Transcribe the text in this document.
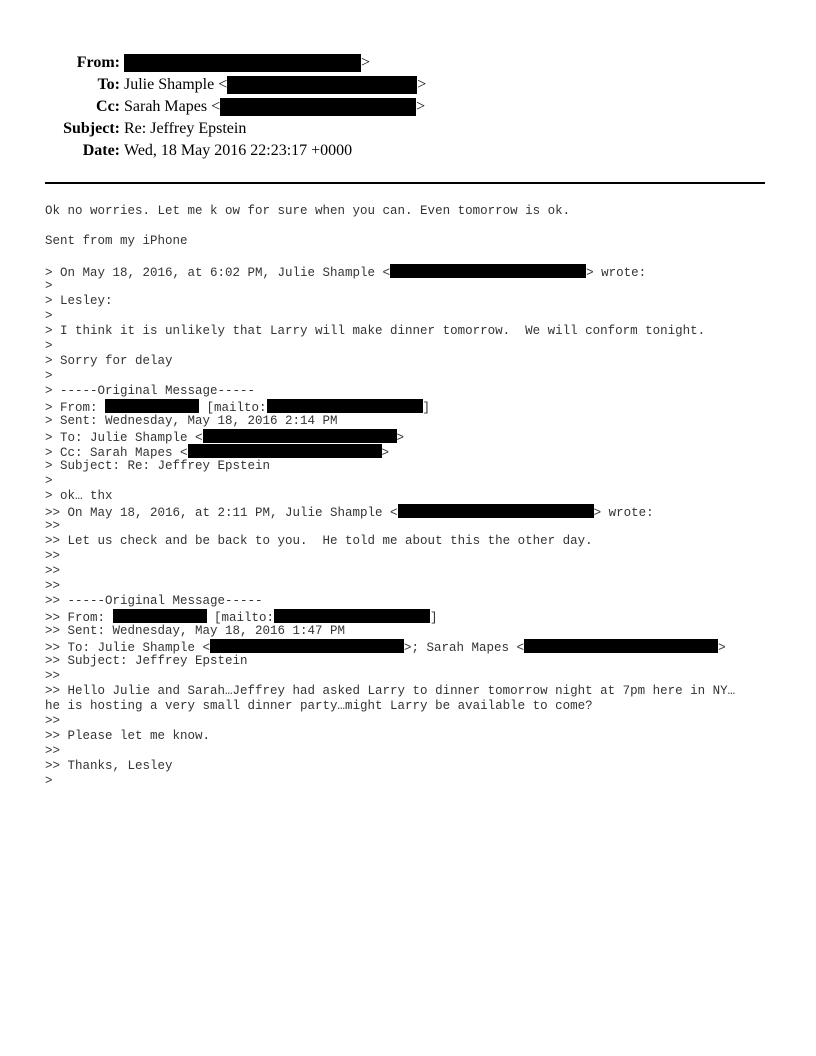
From:	>
To: Julie Shample <	>
Cc: Sarah Mapes <	>
Subject: Re: Jeffrey Epstein
Date: Wed, 18 May 2016 22:23:17 +0000
Ok no worries. Let me k ow for sure when you can. Even tomorrow is ok.
Sent from my iPhone
> On May 18, 2016, at 6:02 PM, Julie Shample <	> wrote:
>
> Lesley:
>
> I think it is unlikely that Larry will make dinner tomorrow.  We will conform tonight.
>
> Sorry for delay
>
> -----Original Message-----
> From:	[mailto:	]
> Sent: Wednesday, May 18, 2016 2:14 PM
> To: Julie Shample <	>
> Cc: Sarah Mapes <	>
> Subject: Re: Jeffrey Epstein
>
> ok… thx
>> On May 18, 2016, at 2:11 PM, Julie Shample <	> wrote:
>>
>> Let us check and be back to you.  He told me about this the other day.
>>
>>
>>
>> -----Original Message-----
>> From:	[mailto:	]
>> Sent: Wednesday, May 18, 2016 1:47 PM
>> To: Julie Shample <	>; Sarah Mapes <	>
>> Subject: Jeffrey Epstein
>>
>> Hello Julie and Sarah…Jeffrey had asked Larry to dinner tomorrow night at 7pm here in NY…
he is hosting a very small dinner party…might Larry be available to come?
>>
>> Please let me know.
>>
>> Thanks, Lesley
>
